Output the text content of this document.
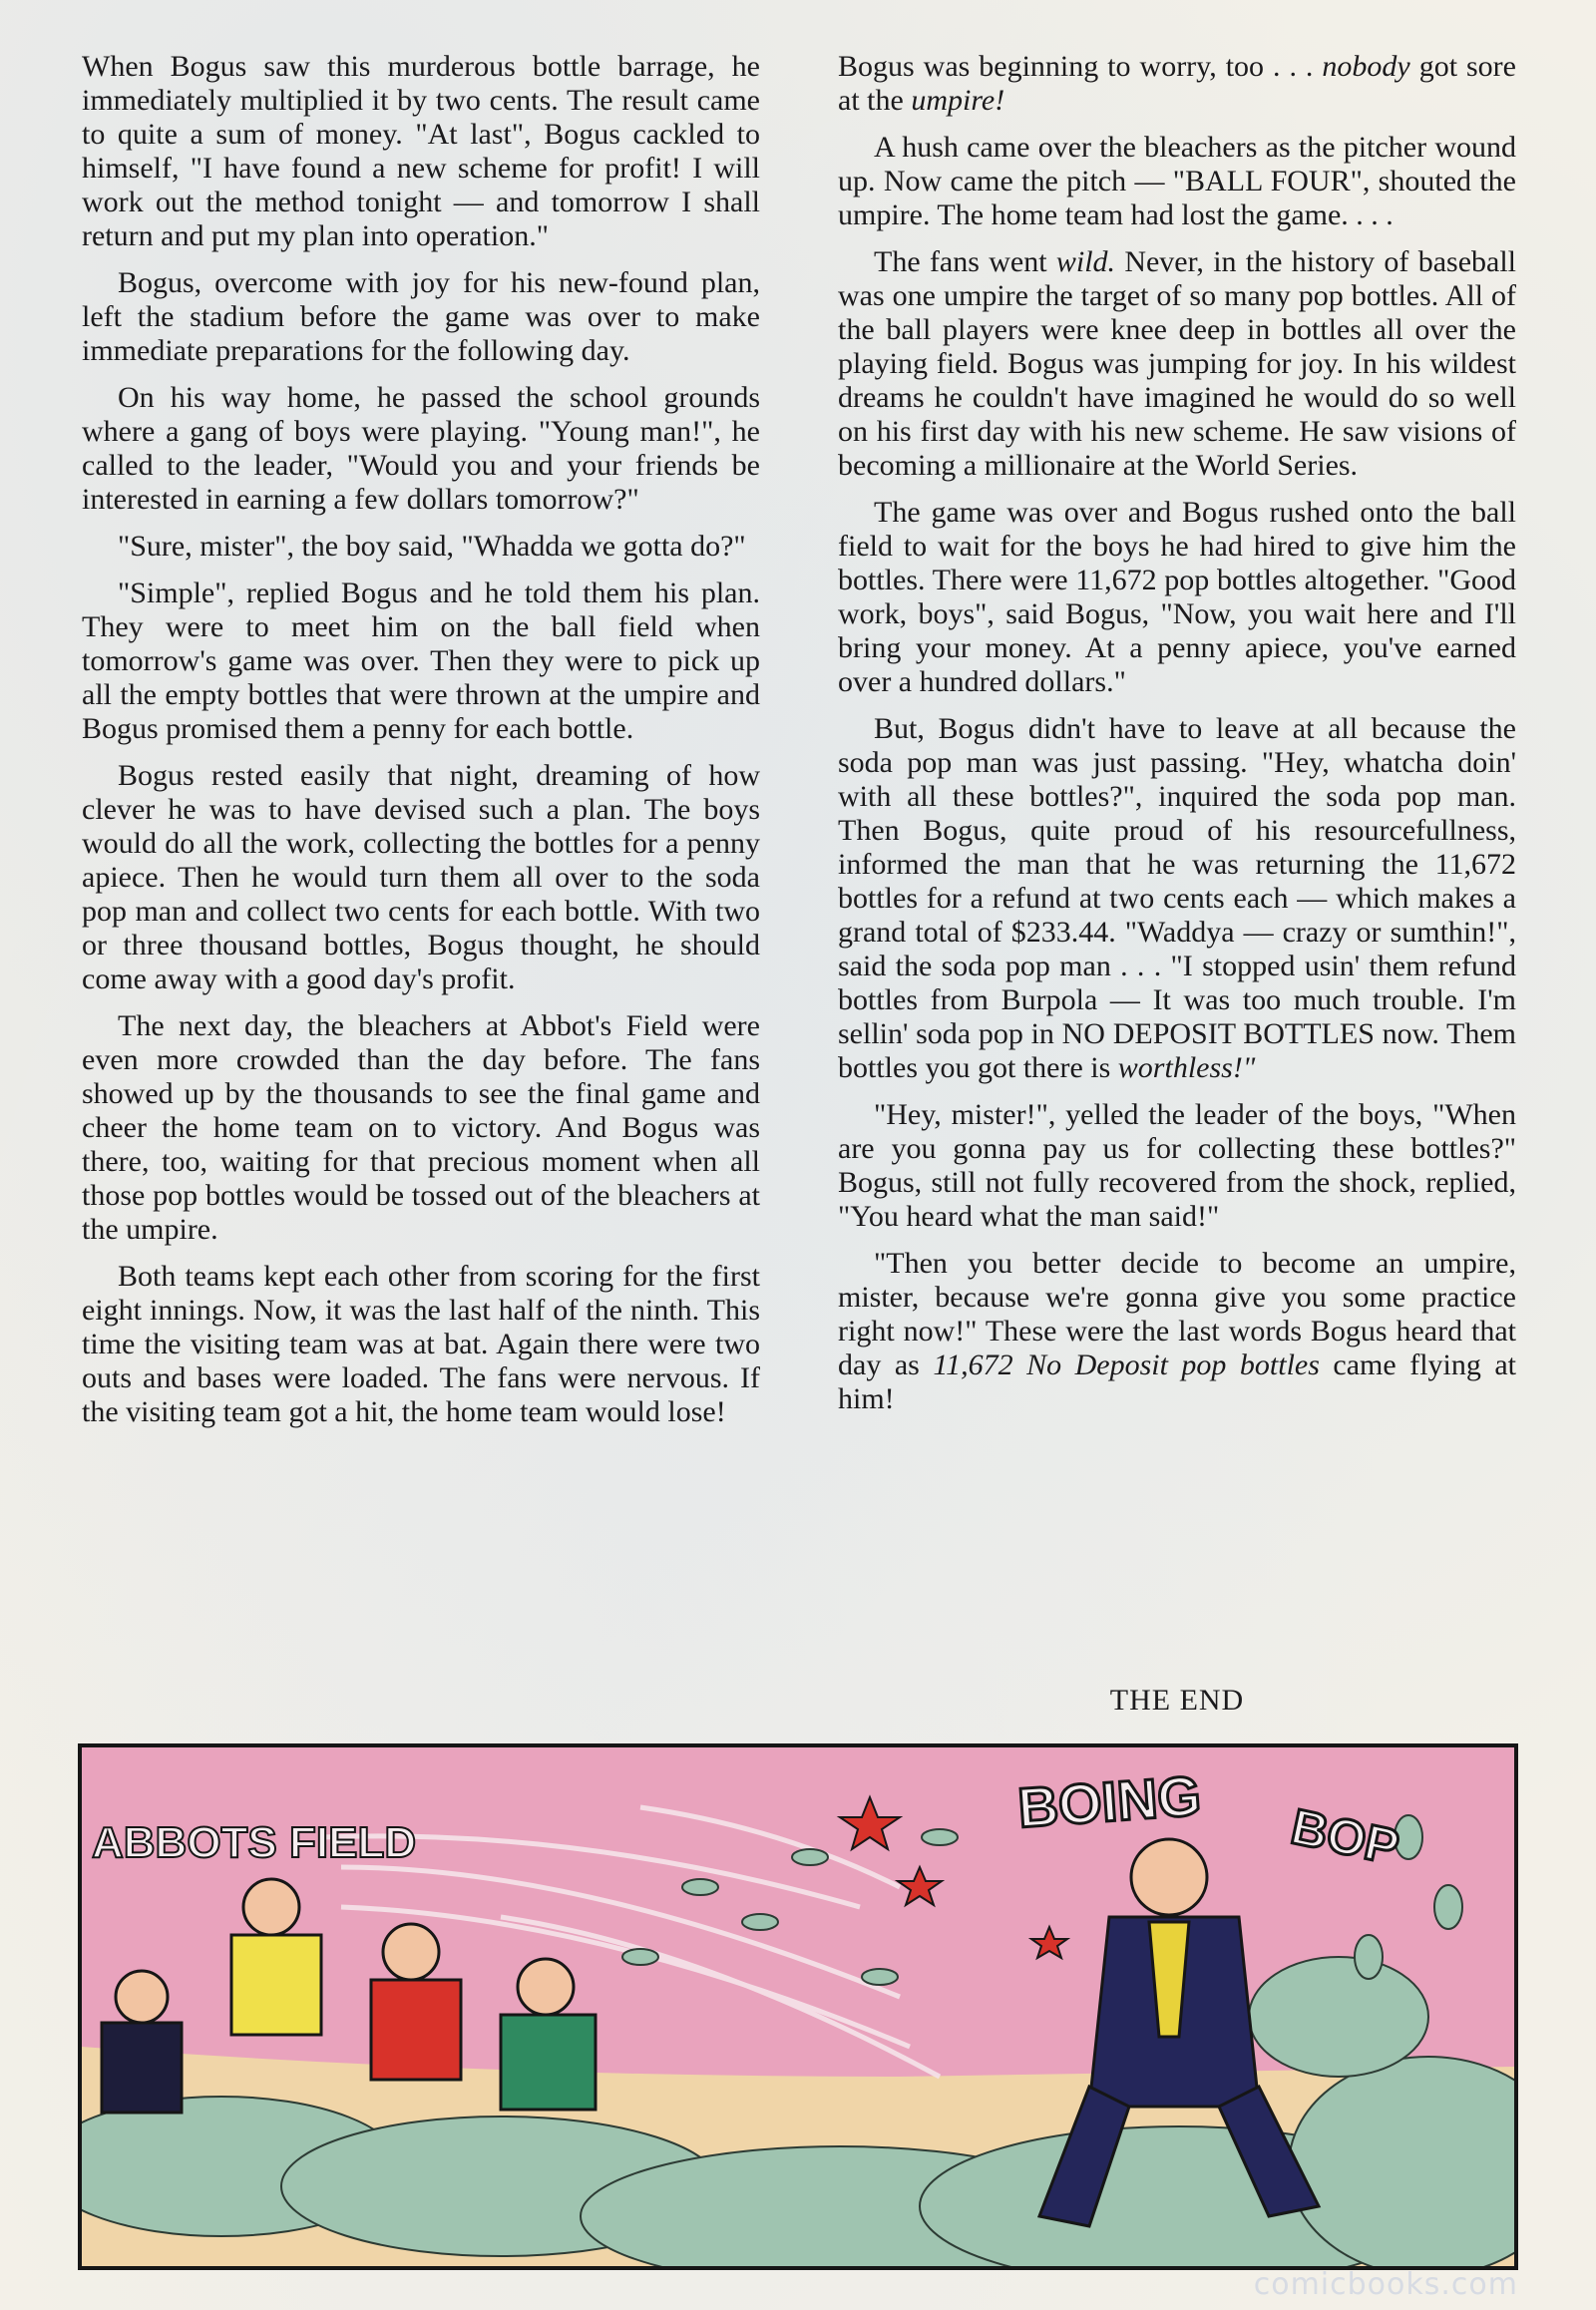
When Bogus saw this murderous bottle barrage, he immediately multiplied it by two cents. The result came to quite a sum of money. "At last", Bogus cackled to himself, "I have found a new scheme for profit! I will work out the method tonight — and tomorrow I shall return and put my plan into operation."

Bogus, overcome with joy for his new-found plan, left the stadium before the game was over to make immediate preparations for the following day.

On his way home, he passed the school grounds where a gang of boys were playing. "Young man!", he called to the leader, "Would you and your friends be interested in earning a few dollars tomorrow?"

"Sure, mister", the boy said, "Whadda we gotta do?"

"Simple", replied Bogus and he told them his plan. They were to meet him on the ball field when tomorrow's game was over. Then they were to pick up all the empty bottles that were thrown at the umpire and Bogus promised them a penny for each bottle.

Bogus rested easily that night, dreaming of how clever he was to have devised such a plan. The boys would do all the work, collecting the bottles for a penny apiece. Then he would turn them all over to the soda pop man and collect two cents for each bottle. With two or three thousand bottles, Bogus thought, he should come away with a good day's profit.

The next day, the bleachers at Abbot's Field were even more crowded than the day before. The fans showed up by the thousands to see the final game and cheer the home team on to victory. And Bogus was there, too, waiting for that precious moment when all those pop bottles would be tossed out of the bleachers at the umpire.

Both teams kept each other from scoring for the first eight innings. Now, it was the last half of the ninth. This time the visiting team was at bat. Again there were two outs and bases were loaded. The fans were nervous. If the visiting team got a hit, the home team would lose!

Bogus was beginning to worry, too . . . nobody got sore at the umpire!

A hush came over the bleachers as the pitcher wound up. Now came the pitch — "BALL FOUR", shouted the umpire. The home team had lost the game. . . .

The fans went wild. Never, in the history of baseball was one umpire the target of so many pop bottles. All of the ball players were knee deep in bottles all over the playing field. Bogus was jumping for joy. In his wildest dreams he couldn't have imagined he would do so well on his first day with his new scheme. He saw visions of becoming a millionaire at the World Series.

The game was over and Bogus rushed onto the ball field to wait for the boys he had hired to give him the bottles. There were 11,672 pop bottles altogether. "Good work, boys", said Bogus, "Now, you wait here and I'll bring your money. At a penny apiece, you've earned over a hundred dollars."

But, Bogus didn't have to leave at all because the soda pop man was just passing. "Hey, whatcha doin' with all these bottles?", inquired the soda pop man. Then Bogus, quite proud of his resourcefullness, informed the man that he was returning the 11,672 bottles for a refund at two cents each — which makes a grand total of $233.44. "Waddya — crazy or sumthin!", said the soda pop man . . . "I stopped usin' them refund bottles from Burpola — It was too much trouble. I'm sellin' soda pop in NO DEPOSIT BOTTLES now. Them bottles you got there is worthless!"

"Hey, mister!", yelled the leader of the boys, "When are you gonna pay us for collecting these bottles?" Bogus, still not fully recovered from the shock, replied, "You heard what the man said!"

"Then you better decide to become an umpire, mister, because we're gonna give you some practice right now!" These were the last words Bogus heard that day as 11,672 No Deposit pop bottles came flying at him!

THE END
ABBOTS FIELD
BOING BOP
comicbooks.com
